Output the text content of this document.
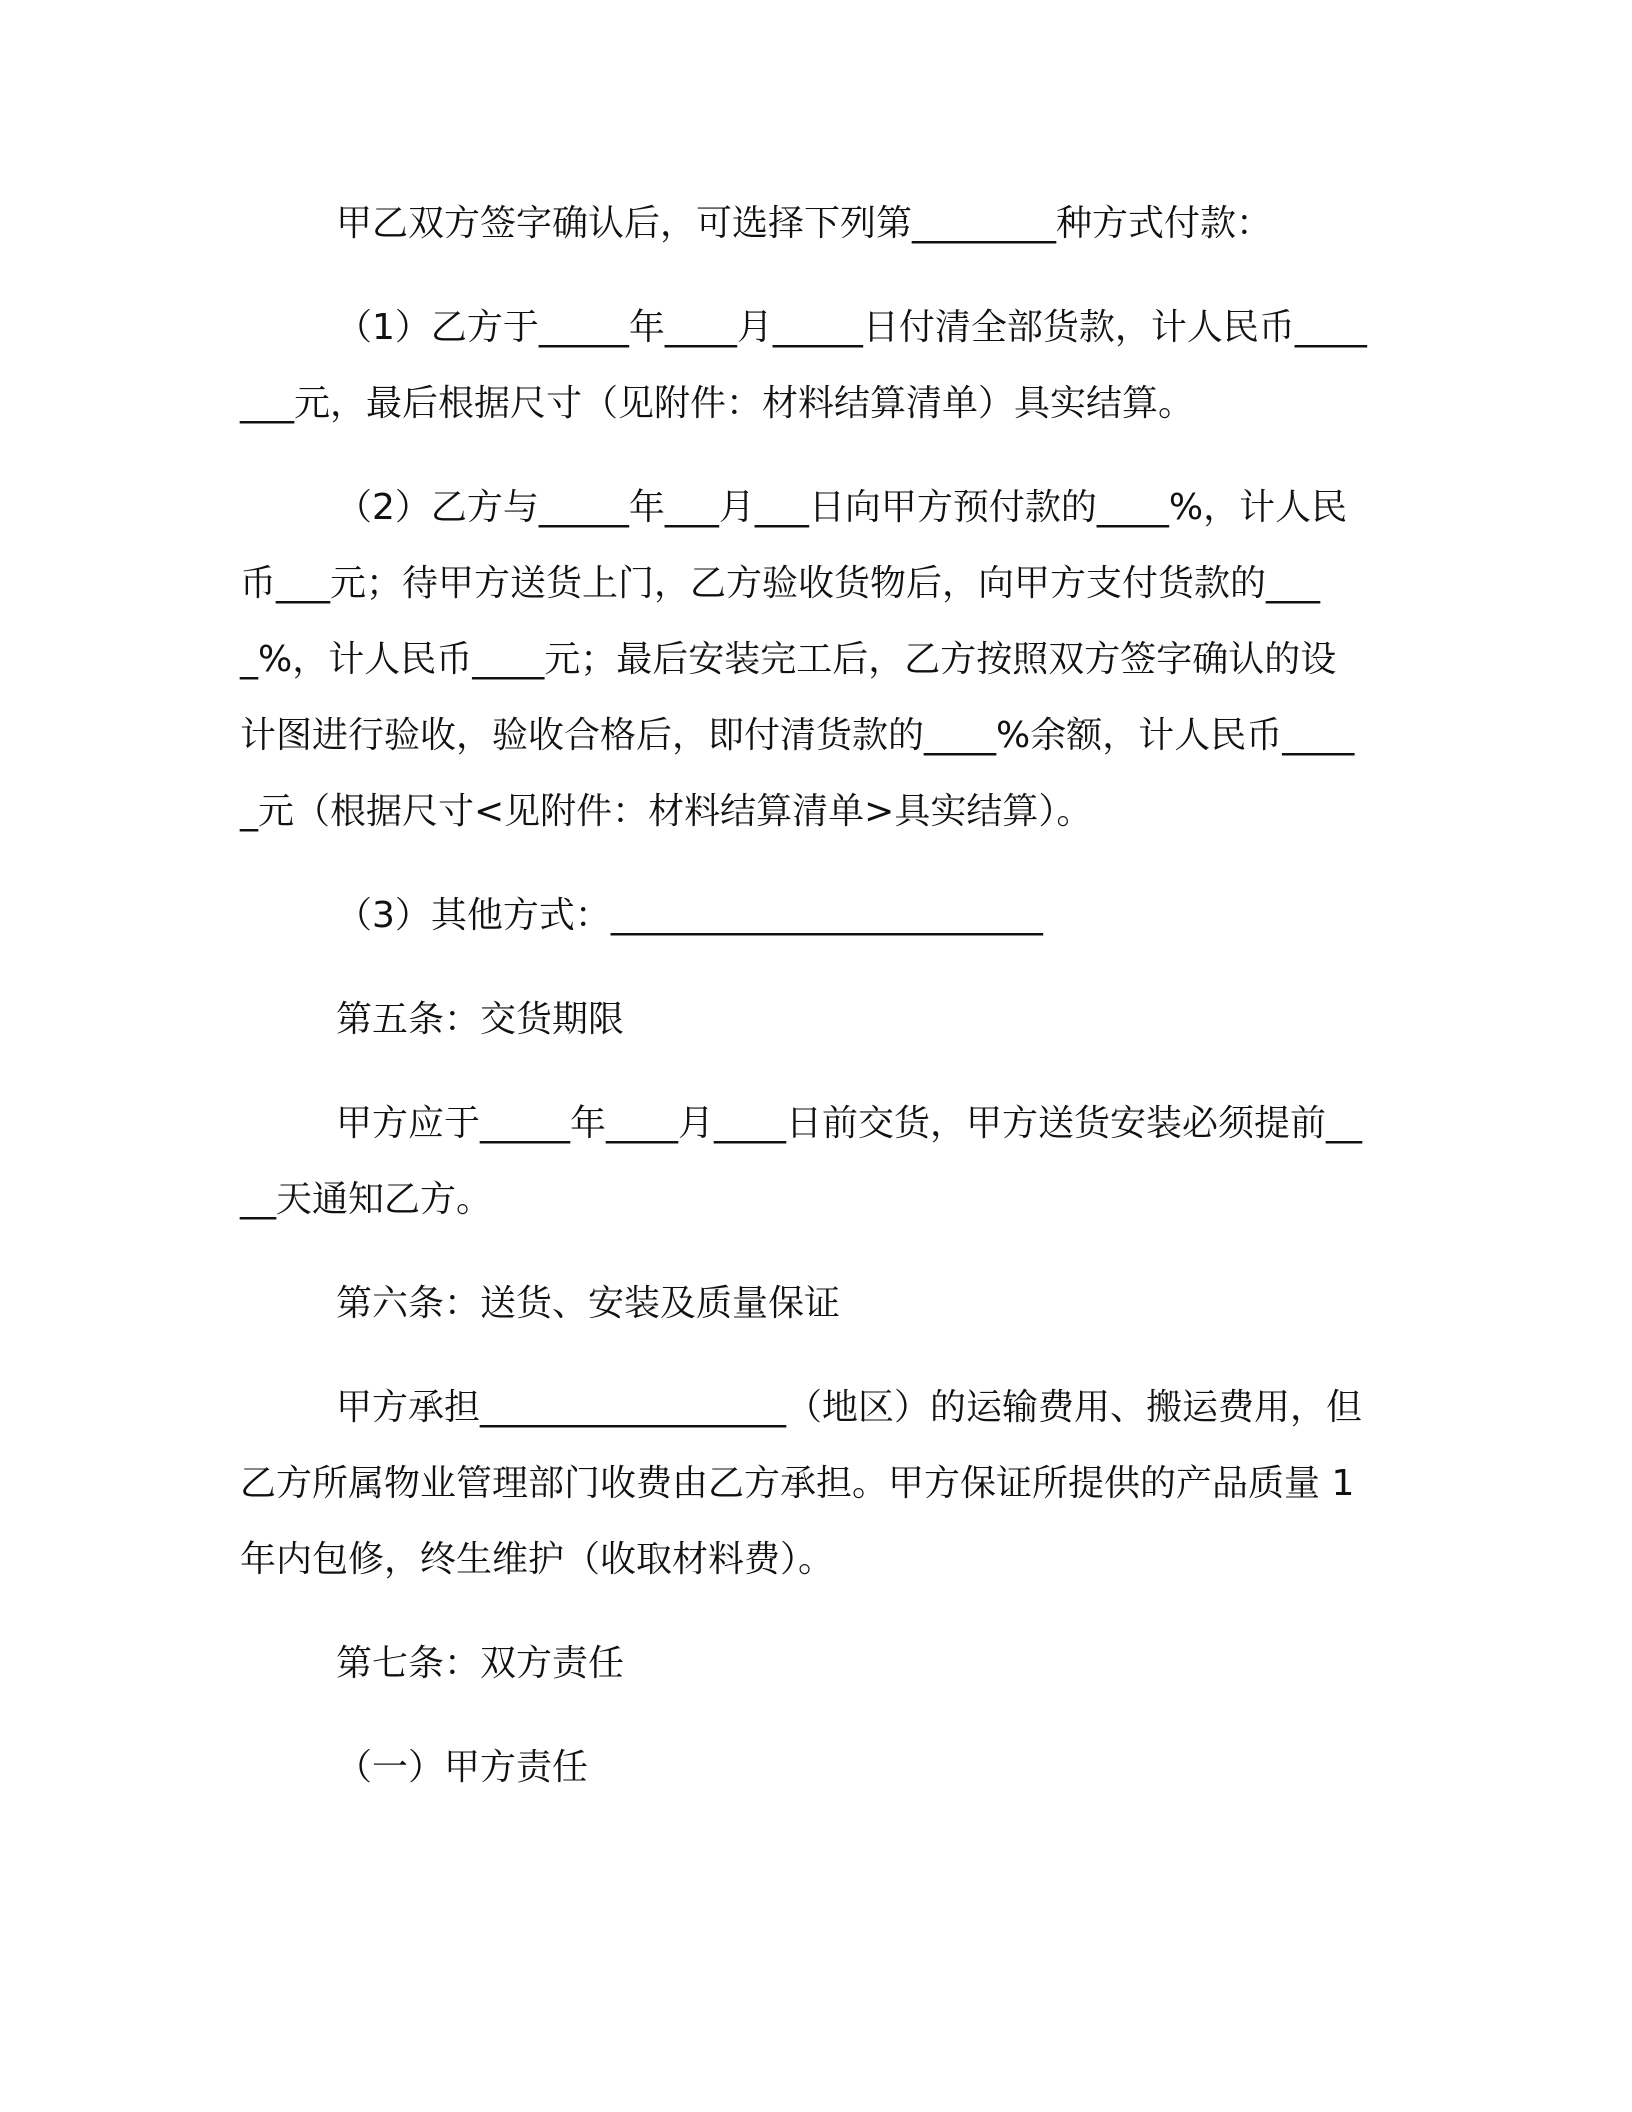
甲乙双方签字确认后，可选择下列第________种方式付款：

（1）乙方于_____年____月_____日付清全部货款，计人民币_______元，最后根据尺寸（见附件：材料结算清单）具实结算。

（2）乙方与_____年___月___日向甲方预付款的____%，计人民币___元；待甲方送货上门，乙方验收货物后，向甲方支付货款的____%，计人民币____元；最后安装完工后，乙方按照双方签字确认的设计图进行验收，验收合格后，即付清货款的____%余额，计人民币_____元（根据尺寸<见附件：材料结算清单>具实结算）。

（3）其他方式：________________________

第五条：交货期限

甲方应于_____年____月____日前交货，甲方送货安装必须提前____天通知乙方。

第六条：送货、安装及质量保证

甲方承担_________________（地区）的运输费用、搬运费用，但乙方所属物业管理部门收费由乙方承担。甲方保证所提供的产品质量 1 年内包修，终生维护（收取材料费）。

第七条：双方责任

（一）甲方责任
